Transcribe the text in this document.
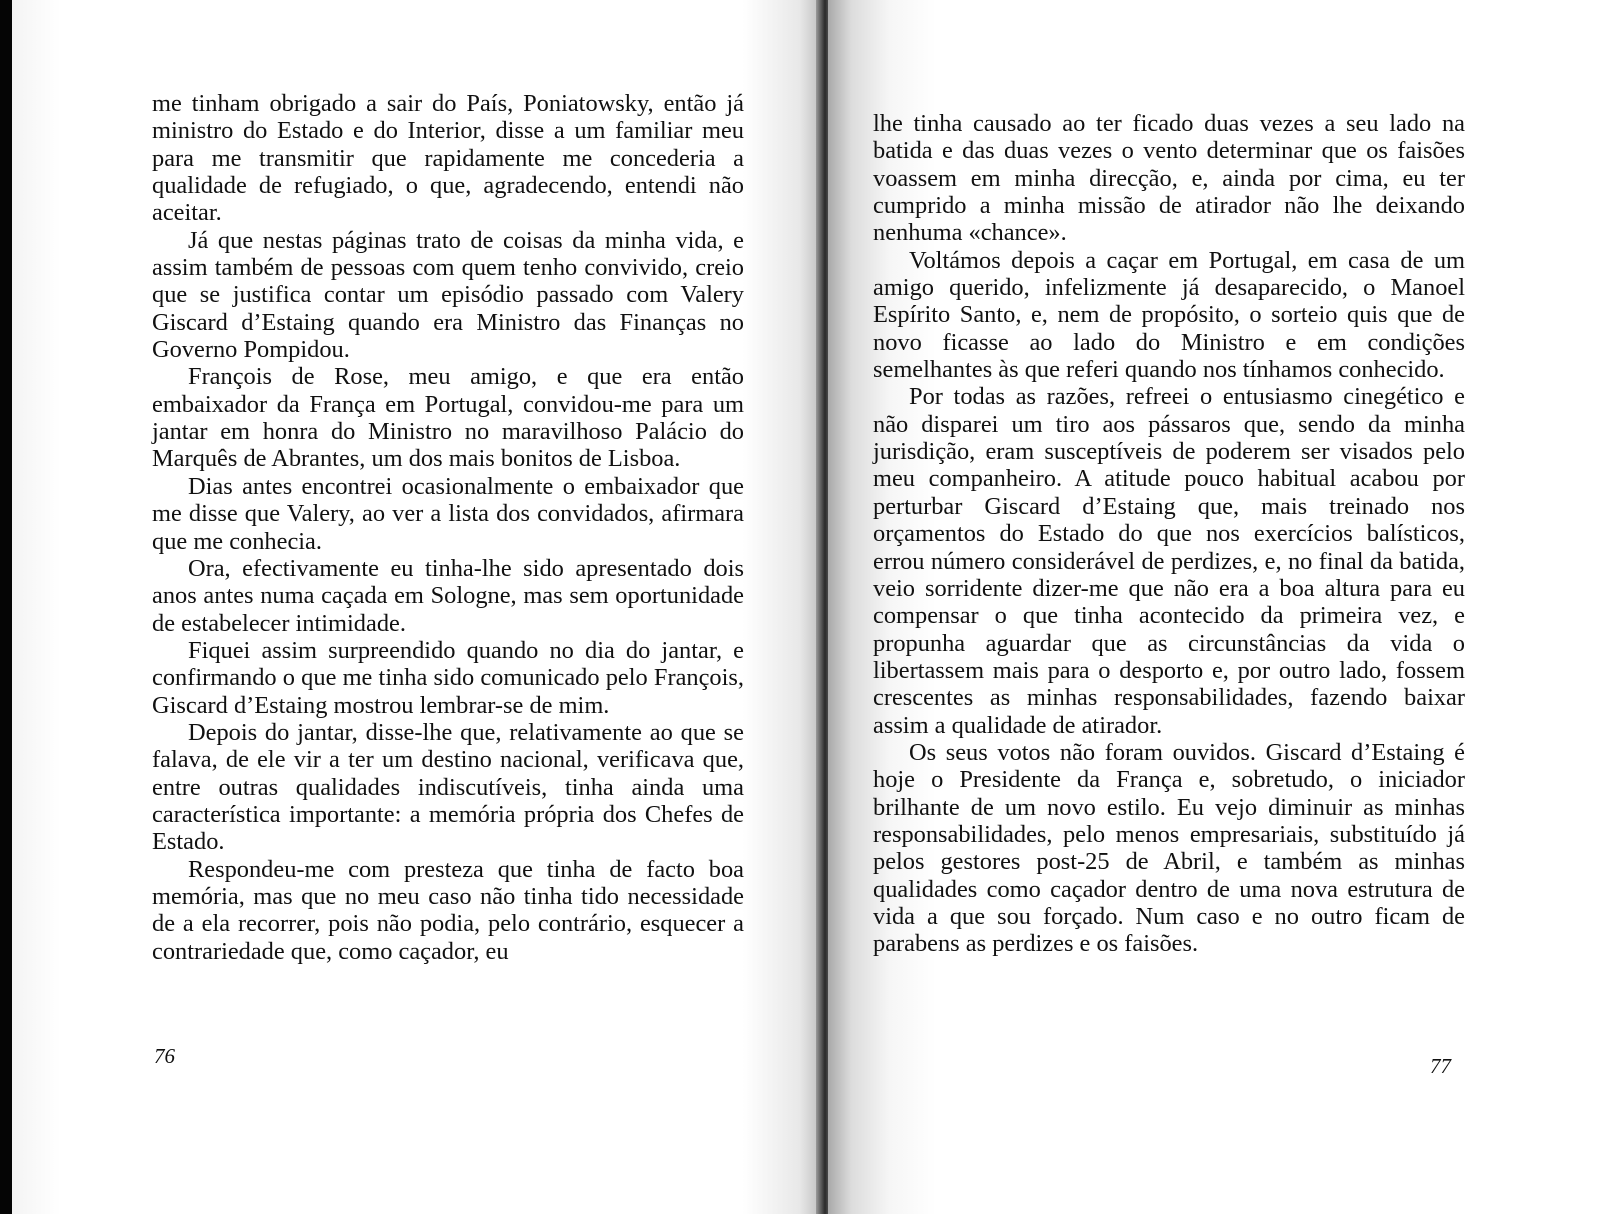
me tinham obrigado a sair do País, Poniatowsky, então já ministro do Estado e do Interior, disse a um familiar meu para me transmitir que rapidamente me concederia a qualidade de refugiado, o que, agradecendo, entendi não aceitar.

Já que nestas páginas trato de coisas da minha vida, e assim também de pessoas com quem tenho convivido, creio que se justifica contar um episódio passado com Valery Giscard d’Estaing quando era Ministro das Finanças no Governo Pompidou.

François de Rose, meu amigo, e que era então embaixador da França em Portugal, convidou-me para um jantar em honra do Ministro no maravilhoso Palácio do Marquês de Abrantes, um dos mais bonitos de Lisboa.

Dias antes encontrei ocasionalmente o embaixador que me disse que Valery, ao ver a lista dos convidados, afirmara que me conhecia.

Ora, efectivamente eu tinha-lhe sido apresentado dois anos antes numa caçada em Sologne, mas sem oportunidade de estabelecer intimidade.

Fiquei assim surpreendido quando no dia do jantar, e confirmando o que me tinha sido comunicado pelo François, Giscard d’Estaing mostrou lembrar-se de mim.

Depois do jantar, disse-lhe que, relativamente ao que se falava, de ele vir a ter um destino nacional, verificava que, entre outras qualidades indiscutíveis, tinha ainda uma característica importante: a memória própria dos Chefes de Estado.

Respondeu-me com presteza que tinha de facto boa memória, mas que no meu caso não tinha tido necessidade de a ela recorrer, pois não podia, pelo contrário, esquecer a contrariedade que, como caçador, eu

76

lhe tinha causado ao ter ficado duas vezes a seu lado na batida e das duas vezes o vento determinar que os faisões voassem em minha direcção, e, ainda por cima, eu ter cumprido a minha missão de atirador não lhe deixando nenhuma «chance».

Voltámos depois a caçar em Portugal, em casa de um amigo querido, infelizmente já desaparecido, o Manoel Espírito Santo, e, nem de propósito, o sorteio quis que de novo ficasse ao lado do Ministro e em condições semelhantes às que referi quando nos tínhamos conhecido.

Por todas as razões, refreei o entusiasmo cinegético e não disparei um tiro aos pássaros que, sendo da minha jurisdição, eram susceptíveis de poderem ser visados pelo meu companheiro. A atitude pouco habitual acabou por perturbar Giscard d’Estaing que, mais treinado nos orçamentos do Estado do que nos exercícios balísticos, errou número considerável de perdizes, e, no final da batida, veio sorridente dizer-me que não era a boa altura para eu compensar o que tinha acontecido da primeira vez, e propunha aguardar que as circunstâncias da vida o libertassem mais para o desporto e, por outro lado, fossem crescentes as minhas responsabilidades, fazendo baixar assim a qualidade de atirador.

Os seus votos não foram ouvidos. Giscard d’Estaing é hoje o Presidente da França e, sobretudo, o iniciador brilhante de um novo estilo. Eu vejo diminuir as minhas responsabilidades, pelo menos empresariais, substituído já pelos gestores post-25 de Abril, e também as minhas qualidades como caçador dentro de uma nova estrutura de vida a que sou forçado. Num caso e no outro ficam de parabens as perdizes e os faisões.

77
